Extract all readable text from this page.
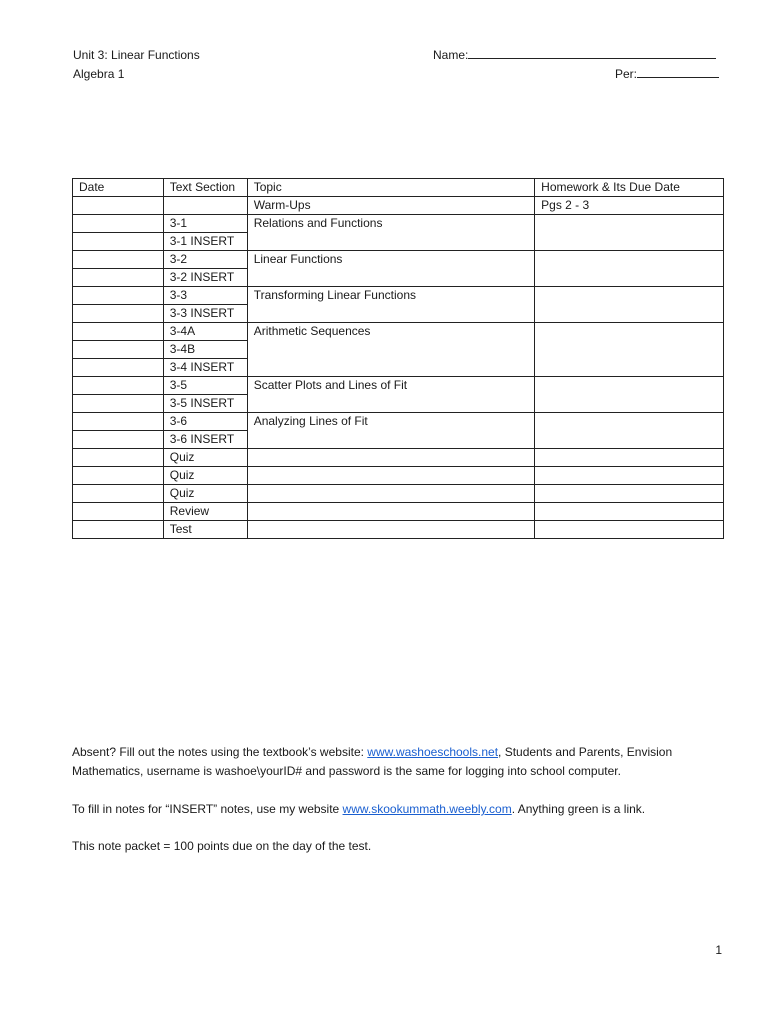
Unit 3: Linear Functions
Algebra 1
Name:
Per:
Date	Text Section	Topic	Homework & Its Due Date
		Warm-Ups	Pgs 2 - 3
	3-1	Relations and Functions	
	3-1 INSERT		
	3-2	Linear Functions	
	3-2 INSERT		
	3-3	Transforming Linear Functions	
	3-3 INSERT		
	3-4A	Arithmetic Sequences	
	3-4B		
	3-4 INSERT		
	3-5	Scatter Plots and Lines of Fit	
	3-5 INSERT		
	3-6	Analyzing Lines of Fit	
	3-6 INSERT		
	Quiz		
	Quiz		
	Quiz		
	Review		
	Test		
Absent? Fill out the notes using the textbook’s website: www.washoeschools.net, Students and Parents, Envision Mathematics, username is washoe\yourID# and password is the same for logging into school computer.
To fill in notes for “INSERT” notes, use my website www.skookummath.weebly.com. Anything green is a link.
This note packet = 100 points due on the day of the test.
1
